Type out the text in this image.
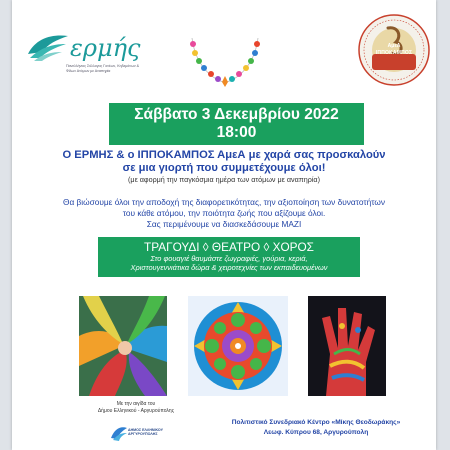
ερμής
Πανελλήνιος Σύλλογος Γονέων, Κηδεμόνων & Φίλων Ατόμων με Αναπηρία
ΑμεΑ
ΙΠΠΟΚΑΜΠΟΣ
Σάββατο 3 Δεκεμβρίου 2022
18:00
Ο ΕΡΜΗΣ & ο ΙΠΠΟΚΑΜΠΟΣ ΑμεΑ με χαρά σας προσκαλούν
σε μια γιορτή που συμμετέχουμε όλοι!
(με αφορμή την παγκόσμια ημέρα των ατόμων με αναπηρία)
Θα βιώσουμε όλοι την αποδοχή της διαφορετικότητας, την αξιοποίηση των δυνατοτήτων
του κάθε ατόμου, την ποιότητα ζωής που αξίζουμε όλοι.
Σας περιμένουμε να διασκεδάσουμε ΜΑΖΙ
ΤΡΑΓΟΥΔΙ ◊ ΘΕΑΤΡΟ ◊ ΧΟΡΟΣ
Στο φουαγιέ θαυμάστε ζωγραφιές, γούρια, κεριά,
Χριστουγεννιάτικα δώρα & χειροτεχνίες των εκπαιδευομένων
Με την αιγίδα του
Δήμου Ελληνικού - Αργυρούπολης
ΔΗΜΟΣ ΕΛΛΗΝΙΚΟΥ ΑΡΓΥΡΟΥΠΟΛΗΣ
Πολιτιστικό Συνεδριακό Κέντρο «Μίκης Θεοδωράκης»
Λεωφ. Κύπρου 68, Αργυρούπολη
